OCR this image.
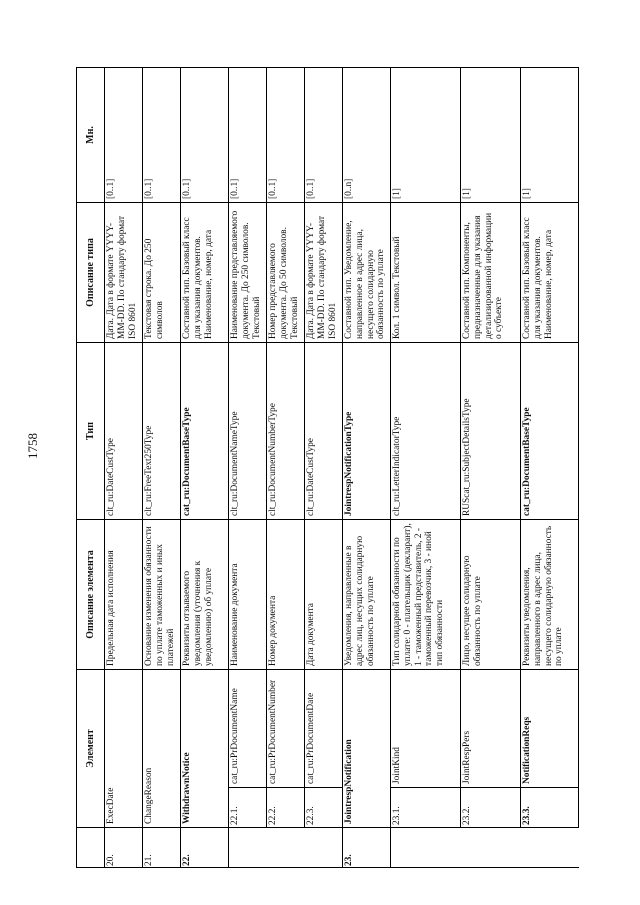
1758
	Элемент		Описание элемента	Тип	Описание типа	Мн.
20.	ExecDate		Предельная дата исполнения	clt_ru:DateCustType	Дата. Дата в формате YYYY-MM-DD. По стандарту формат ISO 8601	[0..1]
21.	ChangeReason		Основание изменения обязанности по уплате таможенных и иных платежей	clt_ru:FreeText250Type	Текстовая строка. До 250 символов	[0..1]
22.	WithdrawnNotice		Реквизиты отзываемого уведомления (уточнения к уведомлению) об уплате	cat_ru:DocumentBaseType	Составной тип. Базовый класс для указания документов. Наименование, номер, дата	[0..1]
	22.1.	cat_ru:PrDocumentName	Наименование документа	clt_ru:DocumentNameType	Наименование представляемого документа. До 250 символов. Текстовый	[0..1]
	22.2.	cat_ru:PrDocumentNumber	Номер документа	clt_ru:DocumentNumberType	Номер представляемого документа. До 50 символов. Текстовый	[0..1]
	22.3.	cat_ru:PrDocumentDate	Дата документа	clt_ru:DateCustType	Дата. Дата в формате YYYY-MM-DD. По стандарту формат ISO 8601	[0..1]
23.	JointrespNotification		Уведомления, направленные в адрес лиц, несущих солидарную обязанность по уплате	JointrespNotificationType	Составной тип. Уведомление, направленное в адрес лица, несущего солидарную обязанность по уплате	[0..n]
	23.1.	JointKind	Тип солидарной обязанности по уплате: 0 - плательщик (декларант), 1 - таможенный представитель, 2 - таможенный перевозчик, 3 - иной тип обязанности	clt_ru:LetterIndicatorType	Кол. 1 символ. Текстовый	[1]
	23.2.	JointRespPers	Лицо, несущее солидарную обязанность по уплате	RUScat_ru:SubjectDetailsType	Составной тип. Компоненты, предназначенные для указания детализированной информации о субъекте	[1]
	23.3.	NotificationReqs	Реквизиты уведомления, направленного в адрес лица, несущего солидарную обязанность по уплате	cat_ru:DocumentBaseType	Составной тип. Базовый класс для указания документов. Наименование, номер, дата	[1]
